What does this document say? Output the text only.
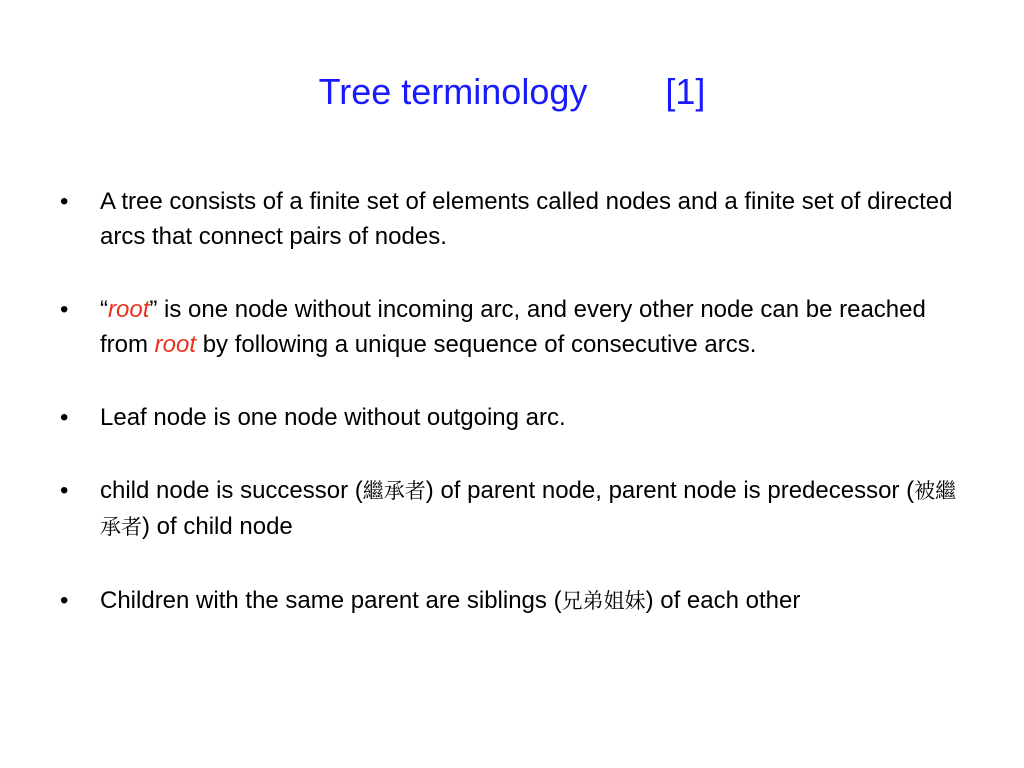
Tree terminology [1]
•	A tree consists of a finite set of elements called nodes and a finite set of directed arcs that connect pairs of nodes.
•	“root” is one node without incoming arc, and every other node can be reached from root by following a unique sequence of consecutive arcs.
•	Leaf node is one node without outgoing arc.
•	child node is successor (繼承者) of parent node, parent node is predecessor (被繼承者) of child node
•	Children with the same parent are siblings (兄弟姐妹) of each other
